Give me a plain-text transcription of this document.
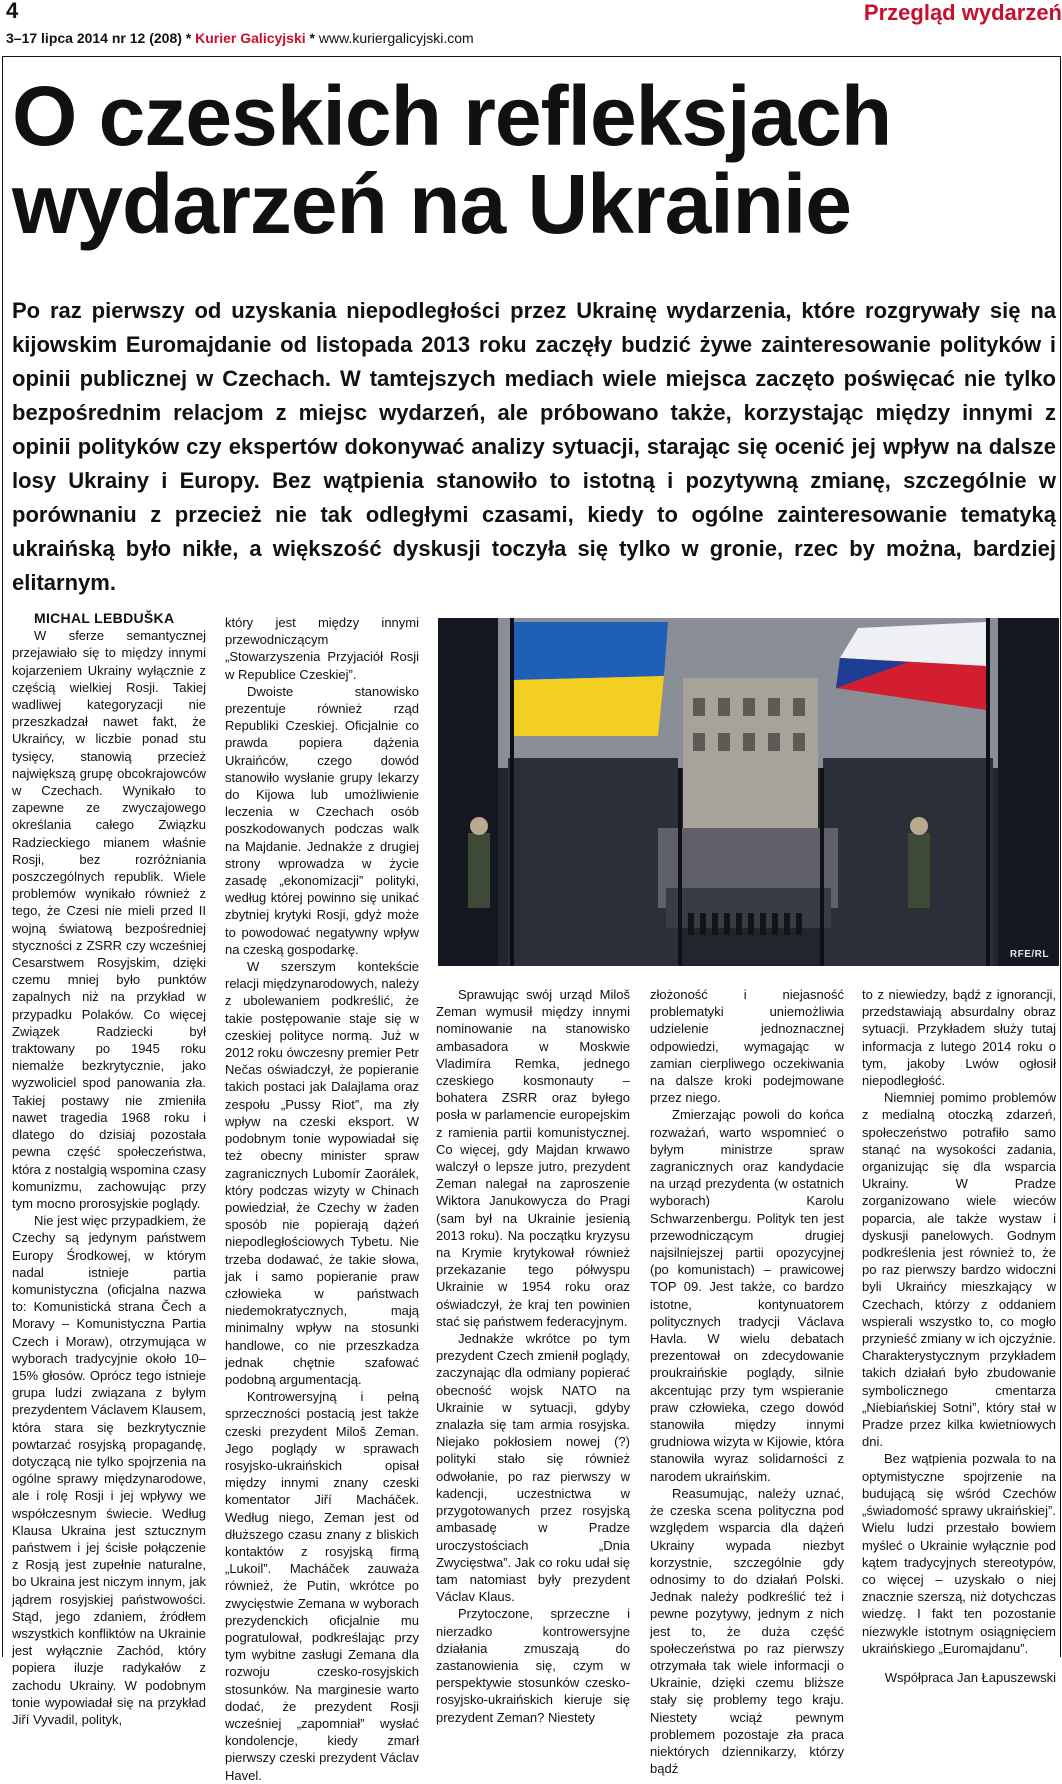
4
3–17 lipca 2014 nr 12 (208) * Kurier Galicyjski * www.kuriergalicyjski.com
Przegląd wydarzeń
O czeskich refleksjach
wydarzeń na Ukrainie
Po raz pierwszy od uzyskania niepodległości przez Ukrainę wydarzenia, które rozgrywały się na kijowskim Euromajdanie od listopada 2013 roku zaczęły budzić żywe zainteresowanie polityków i opinii publicznej w Czechach. W tamtejszych mediach wiele miejsca zaczęto poświęcać nie tylko bezpośrednim relacjom z miejsc wydarzeń, ale próbowano także, korzystając między innymi z opinii polityków czy ekspertów dokonywać analizy sytuacji, starając się ocenić jej wpływ na dalsze losy Ukrainy i Europy. Bez wątpienia stanowiło to istotną i pozytywną zmianę, szczególnie w porównaniu z przecież nie tak odległymi czasami, kiedy to ogólne zainteresowanie tematyką ukraińską było nikłe, a większość dyskusji toczyła się tylko w gronie, rzec by można, bardziej elitarnym.

MICHAL LEBDUŠKA

W sferze semantycznej przejawiało się to między innymi kojarzeniem Ukrainy wyłącznie z częścią wielkiej Rosji. Takiej wadliwej kategoryzacji nie przeszkadzał nawet fakt, że Ukraińcy, w liczbie ponad stu tysięcy, stanowią przecież największą grupę obcokrajowców w Czechach. Wynikało to zapewne ze zwyczajowego określania całego Związku Radzieckiego mianem właśnie Rosji, bez rozróżniania poszczególnych republik. Wiele problemów wynikało również z tego, że Czesi nie mieli przed II wojną światową bezpośredniej styczności z ZSRR czy wcześniej Cesarstwem Rosyjskim, dzięki czemu mniej było punktów zapalnych niż na przykład w przypadku Polaków. Co więcej Związek Radziecki był traktowany po 1945 roku niemalże bezkrytycznie, jako wyzwoliciel spod panowania zła. Takiej postawy nie zmieniła nawet tragedia 1968 roku i dlatego do dzisiaj pozostała pewna część społeczeństwa, która z nostalgią wspomina czasy komunizmu, zachowując przy tym mocno prorosyjskie poglądy.

Nie jest więc przypadkiem, że Czechy są jedynym państwem Europy Środkowej, w którym nadal istnieje partia komunistyczna (oficjalna nazwa to: Komunistická strana Čech a Moravy – Komunistyczna Partia Czech i Moraw), otrzymująca w wyborach tradycyjnie około 10–15% głosów. Oprócz tego istnieje grupa ludzi związana z byłym prezydentem Václavem Klausem, która stara się bezkrytycznie powtarzać rosyjską propagandę, dotyczącą nie tylko spojrzenia na ogólne sprawy międzynarodowe, ale i rolę Rosji i jej wpływy we współczesnym świecie. Według Klausa Ukraina jest sztucznym państwem i jej ścisłe połączenie z Rosją jest zupełnie naturalne, bo Ukraina jest niczym innym, jak jądrem rosyjskiej państwowości. Stąd, jego zdaniem, źródłem wszystkich konfliktów na Ukrainie jest wyłącznie Zachód, który popiera iluzje radykałów z zachodu Ukrainy. W podobnym tonie wypowiadał się na przykład Jiří Vyvadil, polityk,

który jest między innymi przewodniczącym „Stowarzyszenia Przyjaciół Rosji w Republice Czeskiej”.

Dwoiste stanowisko prezentuje również rząd Republiki Czeskiej. Oficjalnie co prawda popiera dążenia Ukraińców, czego dowód stanowiło wysłanie grupy lekarzy do Kijowa lub umożliwienie leczenia w Czechach osób poszkodowanych podczas walk na Majdanie. Jednakże z drugiej strony wprowadza w życie zasadę „ekonomizacji” polityki, według której powinno się unikać zbytniej krytyki Rosji, gdyż może to powodować negatywny wpływ na czeską gospodarkę.

W szerszym kontekście relacji międzynarodowych, należy z ubolewaniem podkreślić, że takie postępowanie staje się w czeskiej polityce normą. Już w 2012 roku ówczesny premier Petr Nečas oświadczył, że popieranie takich postaci jak Dalajlama oraz zespołu „Pussy Riot”, ma zły wpływ na czeski eksport. W podobnym tonie wypowiadał się też obecny minister spraw zagranicznych Lubomír Zaorálek, który podczas wizyty w Chinach powiedział, że Czechy w żaden sposób nie popierają dążeń niepodległościowych Tybetu. Nie trzeba dodawać, że takie słowa, jak i samo popieranie praw człowieka w państwach niedemokratycznych, mają minimalny wpływ na stosunki handlowe, co nie przeszkadza jednak chętnie szafować podobną argumentacją.

Kontrowersyjną i pełną sprzeczności postacią jest także czeski prezydent Miloš Zeman. Jego poglądy w sprawach rosyjsko-ukraińskich opisał między innymi znany czeski komentator Jiří Macháček. Według niego, Zeman jest od dłuższego czasu znany z bliskich kontaktów z rosyjską firmą „Lukoil”. Macháček zauważa również, że Putin, wkrótce po zwycięstwie Zemana w wyborach prezydenckich oficjalnie mu pogratulował, podkreślając przy tym wybitne zasługi Zemana dla rozwoju czesko-rosyjskich stosunków. Na marginesie warto dodać, że prezydent Rosji wcześniej „zapomniał” wysłać kondolencje, kiedy zmarł pierwszy czeski prezydent Václav Havel.

RFE/RL

Sprawując swój urząd Miloš Zeman wymusił między innymi nominowanie na stanowisko ambasadora w Moskwie Vladimíra Remka, jednego czeskiego kosmonauty – bohatera ZSRR oraz byłego posła w parlamencie europejskim z ramienia partii komunistycznej. Co więcej, gdy Majdan krwawo walczył o lepsze jutro, prezydent Zeman nalegał na zaproszenie Wiktora Janukowycza do Pragi (sam był na Ukrainie jesienią 2013 roku). Na początku kryzysu na Krymie krytykował również przekazanie tego półwyspu Ukrainie w 1954 roku oraz oświadczył, że kraj ten powinien stać się państwem federacyjnym.

Jednakże wkrótce po tym prezydent Czech zmienił poglądy, zaczynając dla odmiany popierać obecność wojsk NATO na Ukrainie w sytuacji, gdyby znalazła się tam armia rosyjska. Niejako pokłosiem nowej (?) polityki stało się również odwołanie, po raz pierwszy w kadencji, uczestnictwa w przygotowanych przez rosyjską ambasadę w Pradze uroczystościach „Dnia Zwycięstwa”. Jak co roku udał się tam natomiast były prezydent Václav Klaus.

Przytoczone, sprzeczne i nierzadko kontrowersyjne działania zmuszają do zastanowienia się, czym w perspektywie stosunków czesko-rosyjsko-ukraińskich kieruje się prezydent Zeman? Niestety

złożoność i niejasność problematyki uniemożliwia udzielenie jednoznacznej odpowiedzi, wymagając w zamian cierpliwego oczekiwania na dalsze kroki podejmowane przez niego.

Zmierzając powoli do końca rozważań, warto wspomnieć o byłym ministrze spraw zagranicznych oraz kandydacie na urząd prezydenta (w ostatnich wyborach) Karolu Schwarzenbergu. Polityk ten jest przewodniczącym drugiej najsilniejszej partii opozycyjnej (po komunistach) – prawicowej TOP 09. Jest także, co bardzo istotne, kontynuatorem politycznych tradycji Václava Havla. W wielu debatach prezentował on zdecydowanie proukraińskie poglądy, silnie akcentując przy tym wspieranie praw człowieka, czego dowód stanowiła między innymi grudniowa wizyta w Kijowie, która stanowiła wyraz solidarności z narodem ukraińskim.

Reasumując, należy uznać, że czeska scena polityczna pod względem wsparcia dla dążeń Ukrainy wypada niezbyt korzystnie, szczególnie gdy odnosimy to do działań Polski. Jednak należy podkreślić też i pewne pozytywy, jednym z nich jest to, że duża część społeczeństwa po raz pierwszy otrzymała tak wiele informacji o Ukrainie, dzięki czemu bliższe stały się problemy tego kraju. Niestety wciąż pewnym problemem pozostaje zła praca niektórych dziennikarzy, którzy bądź

to z niewiedzy, bądź z ignorancji, przedstawiają absurdalny obraz sytuacji. Przykładem służy tutaj informacja z lutego 2014 roku o tym, jakoby Lwów ogłosił niepodległość.

Niemniej pomimo problemów z medialną otoczką zdarzeń, społeczeństwo potrafiło samo stanąć na wysokości zadania, organizując się dla wsparcia Ukrainy. W Pradze zorganizowano wiele wieców poparcia, ale także wystaw i dyskusji panelowych. Godnym podkreślenia jest również to, że po raz pierwszy bardzo widoczni byli Ukraińcy mieszkający w Czechach, którzy z oddaniem wspierali wszystko to, co mogło przynieść zmiany w ich ojczyźnie. Charakterystycznym przykładem takich działań było zbudowanie symbolicznego cmentarza „Niebiańskiej Sotni”, który stał w Pradze przez kilka kwietniowych dni.

Bez wątpienia pozwala to na optymistyczne spojrzenie na budującą się wśród Czechów „świadomość sprawy ukraińskiej”. Wielu ludzi przestało bowiem myśleć o Ukrainie wyłącznie pod kątem tradycyjnych stereotypów, co więcej – uzyskało o niej znacznie szerszą, niż dotychczas wiedzę. I fakt ten pozostanie niezwykle istotnym osiągnięciem ukraińskiego „Euromajdanu”.

Współpraca Jan Łapuszewski
